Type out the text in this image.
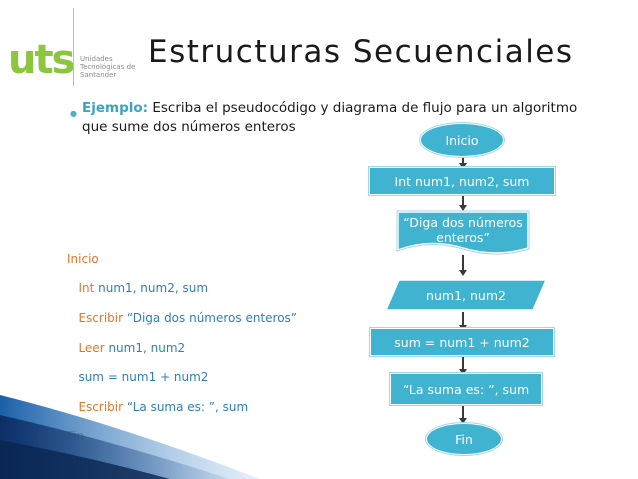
uts Unidades Tecnológicas de Santander
Estructuras Secuenciales
● Ejemplo: Escriba el pseudocódigo y diagrama de flujo para un algoritmo que sume dos números enteros

Inicio

Int num1, num2, sum

Escribir “Diga dos números enteros”

Leer num1, num2

sum = num1 + num2

Escribir “La suma es: ”, sum

Inicio
Int num1, num2, sum
“Diga dos números enteros”
num1, num2
sum = num1 + num2
“La suma es: ”, sum
Fin
